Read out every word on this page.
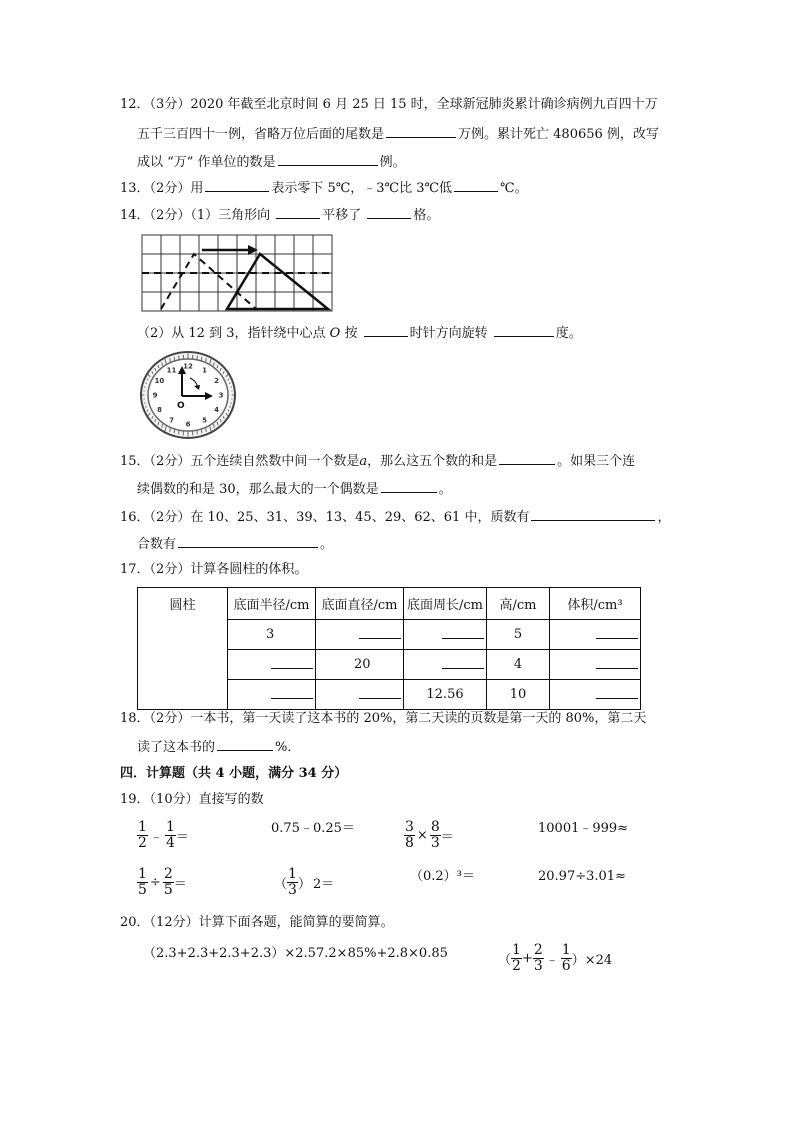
12．（3分）2020 年截至北京时间 6 月 25 日 15 时，全球新冠肺炎累计确诊病例九百四十万
五千三百四十一例，省略万位后面的尾数是	万例。累计死亡 480656 例，改写
成以 “万” 作单位的数是	例。
13．（2分）用	表示零下 5℃，﹣3℃比 3℃低	℃。
14．（2分）（1）三角形向	平移了	格。
（2）从 12 到 3，指针绕中心点 O 按	时针方向旋转	度。
12 1
2
3
4
5
6
7
8
9
10
11
O
15．（2分）五个连续自然数中间一个数是a，那么这五个数的和是	。如果三个连
续偶数的和是 30，那么最大的一个偶数是	。
16．（2分）在 10、25、31、39、13、45、29、62、61 中，质数有	，
合数有	。
17．（2分）计算各圆柱的体积。
圆柱	底面半径/cm	底面直径/cm	底面周长/cm	高/cm	体积/cm³
	3			5	
		20		4	
			12.56	10	
18．（2分）一本书，第一天读了这本书的 20%，第二天读的页数是第一天的 80%，第二天
读了这本书的	%．
四．计算题（共 4 小题，满分 34 分）
19．（10分）直接写的数
$\frac{1}{2}$ ﹣ $\frac{1}{4}$ ＝
0.75﹣0.25＝	$\frac{3}{8} \times \frac{8}{3}$ ＝
10001﹣999≈
$\frac{1}{5} \div \frac{2}{5}$ ＝	（ $\frac{1}{3}$ ） 2＝
（0.2）³＝	20.97÷3.01≈
20．（12分）计算下面各题，能简算的要简算。
（2.3+2.3+2.3+2.3）×2.5 7.2×85%+2.8×0.85	（ $\frac{1}{2} + \frac{2}{3}$ ﹣ $\frac{1}{6} )\times 24$
